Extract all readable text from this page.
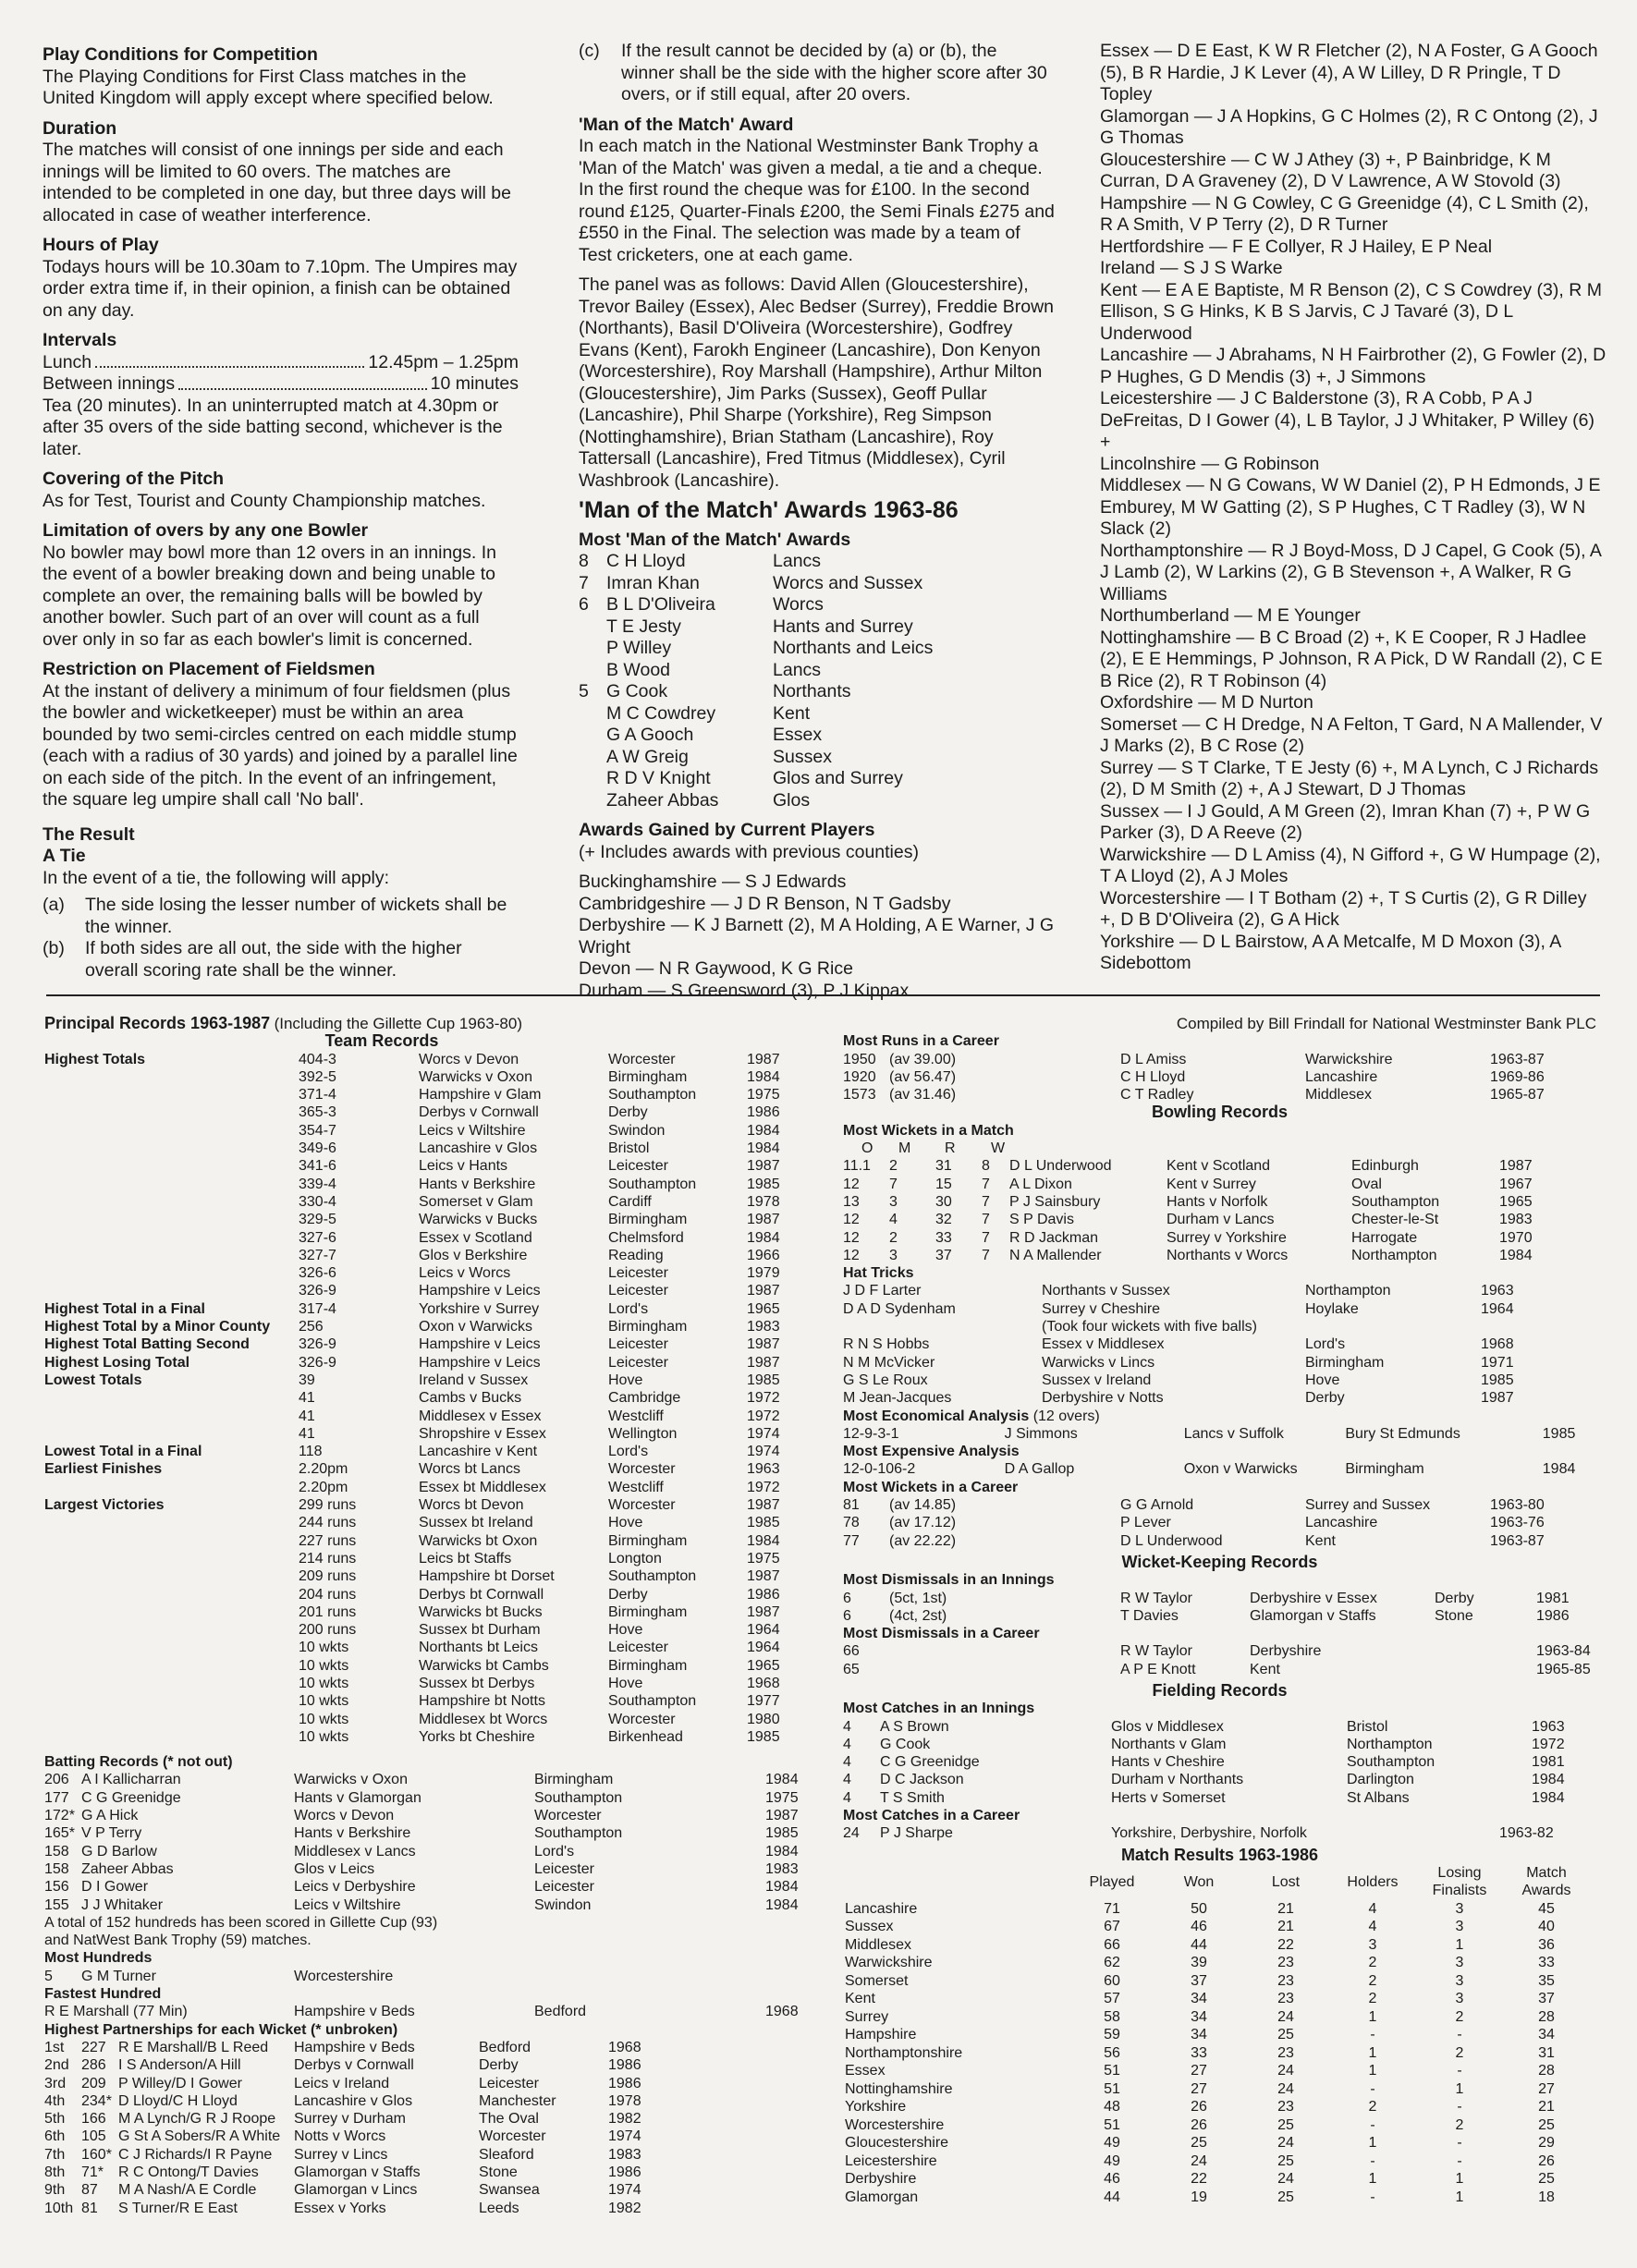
Play Conditions for Competition

The Playing Conditions for First Class matches in the United Kingdom will apply except where specified below.

Duration

The matches will consist of one innings per side and each innings will be limited to 60 overs. The matches are intended to be completed in one day, but three days will be allocated in case of weather interference.

Hours of Play

Todays hours will be 10.30am to 7.10pm. The Umpires may order extra time if, in their opinion, a finish can be obtained on any day.

Intervals
Lunch	12.45pm – 1.25pm
Between innings	10 minutes

Tea (20 minutes). In an uninterrupted match at 4.30pm or after 35 overs of the side batting second, whichever is the later.

Covering of the Pitch

As for Test, Tourist and County Championship matches.

Limitation of overs by any one Bowler

No bowler may bowl more than 12 overs in an innings. In the event of a bowler breaking down and being unable to complete an over, the remaining balls will be bowled by another bowler. Such part of an over will count as a full over only in so far as each bowler's limit is concerned.

Restriction on Placement of Fieldsmen

At the instant of delivery a minimum of four fieldsmen (plus the bowler and wicketkeeper) must be within an area bounded by two semi-circles centred on each middle stump (each with a radius of 30 yards) and joined by a parallel line on each side of the pitch. In the event of an infringement, the square leg umpire shall call 'No ball'.

The Result
A Tie

In the event of a tie, the following will apply:

(a)	The side losing the lesser number of wickets shall be the winner.
(b)	If both sides are all out, the side with the higher overall scoring rate shall be the winner.
(c)	If the result cannot be decided by (a) or (b), the winner shall be the side with the higher score after 30 overs, or if still equal, after 20 overs.
'Man of the Match' Award

In each match in the National Westminster Bank Trophy a 'Man of the Match' was given a medal, a tie and a cheque. In the first round the cheque was for £100. In the second round £125, Quarter-Finals £200, the Semi Finals £275 and £550 in the Final. The selection was made by a team of Test cricketers, one at each game.

The panel was as follows: David Allen (Gloucestershire), Trevor Bailey (Essex), Alec Bedser (Surrey), Freddie Brown (Northants), Basil D'Oliveira (Worcestershire), Godfrey Evans (Kent), Farokh Engineer (Lancashire), Don Kenyon (Worcestershire), Roy Marshall (Hampshire), Arthur Milton (Gloucestershire), Jim Parks (Sussex), Geoff Pullar (Lancashire), Phil Sharpe (Yorkshire), Reg Simpson (Nottinghamshire), Brian Statham (Lancashire), Roy Tattersall (Lancashire), Fred Titmus (Middlesex), Cyril Washbrook (Lancashire).

'Man of the Match' Awards 1963-86
Most 'Man of the Match' Awards
8 C H Lloyd	Lancs
7 Imran Khan	Worcs and Sussex
6 B L D'Oliveira	Worcs
T E Jesty	Hants and Surrey
P Willey	Northants and Leics
B Wood	Lancs
5 G Cook	Northants
M C Cowdrey	Kent
G A Gooch	Essex
A W Greig	Sussex
R D V Knight	Glos and Surrey
Zaheer Abbas	Glos
Awards Gained by Current Players

(+ Includes awards with previous counties)

Buckinghamshire — S J Edwards
Cambridgeshire — J D R Benson, N T Gadsby
Derbyshire — K J Barnett (2), M A Holding, A E Warner, J G Wright
Devon — N R Gaywood, K G Rice
Durham — S Greensword (3), P J Kippax

Essex — D E East, K W R Fletcher (2), N A Foster, G A Gooch (5), B R Hardie, J K Lever (4), A W Lilley, D R Pringle, T D Topley
Glamorgan — J A Hopkins, G C Holmes (2), R C Ontong (2), J G Thomas
Gloucestershire — C W J Athey (3) +, P Bainbridge, K M Curran, D A Graveney (2), D V Lawrence, A W Stovold (3)
Hampshire — N G Cowley, C G Greenidge (4), C L Smith (2), R A Smith, V P Terry (2), D R Turner
Hertfordshire — F E Collyer, R J Hailey, E P Neal
Ireland — S J S Warke
Kent — E A E Baptiste, M R Benson (2), C S Cowdrey (3), R M Ellison, S G Hinks, K B S Jarvis, C J Tavaré (3), D L Underwood
Lancashire — J Abrahams, N H Fairbrother (2), G Fowler (2), D P Hughes, G D Mendis (3) +, J Simmons
Leicestershire — J C Balderstone (3), R A Cobb, P A J DeFreitas, D I Gower (4), L B Taylor, J J Whitaker, P Willey (6) +
Lincolnshire — G Robinson
Middlesex — N G Cowans, W W Daniel (2), P H Edmonds, J E Emburey, M W Gatting (2), S P Hughes, C T Radley (3), W N Slack (2)
Northamptonshire — R J Boyd-Moss, D J Capel, G Cook (5), A J Lamb (2), W Larkins (2), G B Stevenson +, A Walker, R G Williams
Northumberland — M E Younger
Nottinghamshire — B C Broad (2) +, K E Cooper, R J Hadlee (2), E E Hemmings, P Johnson, R A Pick, D W Randall (2), C E B Rice (2), R T Robinson (4)
Oxfordshire — M D Nurton
Somerset — C H Dredge, N A Felton, T Gard, N A Mallender, V J Marks (2), B C Rose (2)
Surrey — S T Clarke, T E Jesty (6) +, M A Lynch, C J Richards (2), D M Smith (2) +, A J Stewart, D J Thomas
Sussex — I J Gould, A M Green (2), Imran Khan (7) +, P W G Parker (3), D A Reeve (2)
Warwickshire — D L Amiss (4), N Gifford +, G W Humpage (2), T A Lloyd (2), A J Moles
Worcestershire — I T Botham (2) +, T S Curtis (2), G R Dilley +, D B D'Oliveira (2), G A Hick
Yorkshire — D L Bairstow, A A Metcalfe, M D Moxon (3), A Sidebottom

Principal Records 1963-1987
(Including the Gillette Cup 1963-80)
Team Records
Highest Totals	404-3	Worcs v Devon	Worcester	1987
392-5	Warwicks v Oxon	Birmingham	1984
371-4	Hampshire v Glam	Southampton	1975
365-3	Derbys v Cornwall	Derby	1986
354-7	Leics v Wiltshire	Swindon	1984
349-6	Lancashire v Glos	Bristol	1984
341-6	Leics v Hants	Leicester	1987
339-4	Hants v Berkshire	Southampton	1985
330-4	Somerset v Glam	Cardiff	1978
329-5	Warwicks v Bucks	Birmingham	1987
327-6	Essex v Scotland	Chelmsford	1984
327-7	Glos v Berkshire	Reading	1966
326-6	Leics v Worcs	Leicester	1979
326-9	Hampshire v Leics	Leicester	1987
Highest Total in a Final	317-4	Yorkshire v Surrey	Lord's	1965
Highest Total by a Minor County	256	Oxon v Warwicks	Birmingham	1983
Highest Total Batting Second	326-9	Hampshire v Leics	Leicester	1987
Highest Losing Total	326-9	Hampshire v Leics	Leicester	1987
Lowest Totals	39	Ireland v Sussex	Hove	1985
41	Cambs v Bucks	Cambridge	1972
41	Middlesex v Essex	Westcliff	1972
41	Shropshire v Essex	Wellington	1974
Lowest Total in a Final	118	Lancashire v Kent	Lord's	1974
Earliest Finishes	2.20pm	Worcs bt Lancs	Worcester	1963
2.20pm	Essex bt Middlesex	Westcliff	1972
Largest Victories	299 runs	Worcs bt Devon	Worcester	1987
244 runs	Sussex bt Ireland	Hove	1985
227 runs	Warwicks bt Oxon	Birmingham	1984
214 runs	Leics bt Staffs	Longton	1975
209 runs	Hampshire bt Dorset	Southampton	1987
204 runs	Derbys bt Cornwall	Derby	1986
201 runs	Warwicks bt Bucks	Birmingham	1987
200 runs	Sussex bt Durham	Hove	1964
10 wkts	Northants bt Leics	Leicester	1964
10 wkts	Warwicks bt Cambs	Birmingham	1965
10 wkts	Sussex bt Derbys	Hove	1968
10 wkts	Hampshire bt Notts	Southampton	1977
10 wkts	Middlesex bt Worcs	Worcester	1980
10 wkts	Yorks bt Cheshire	Birkenhead	1985
Batting Records (* not out)
206 A I Kallicharran	Warwicks v Oxon	Birmingham	1984
177 C G Greenidge	Hants v Glamorgan	Southampton	1975
172* G A Hick	Worcs v Devon	Worcester	1987
165* V P Terry	Hants v Berkshire	Southampton	1985
158 G D Barlow	Middlesex v Lancs	Lord's	1984
158 Zaheer Abbas	Glos v Leics	Leicester	1983
156 D I Gower	Leics v Derbyshire	Leicester	1984
155 J J Whitaker	Leics v Wiltshire	Swindon	1984

A total of 152 hundreds has been scored in Gillette Cup (93) and NatWest Bank Trophy (59) matches.

Most Hundreds
5	G M Turner	Worcestershire
Fastest Hundred
R E Marshall (77 Min)	Hampshire v Beds	Bedford	1968
Highest Partnerships for each Wicket (* unbroken)
1st	227 R E Marshall/B L Reed	Hampshire v Beds	Bedford	1968
2nd 286 I S Anderson/A Hill	Derbys v Cornwall	Derby	1986
3rd	209 P Willey/D I Gower	Leics v Ireland	Leicester	1986
4th	234* D Lloyd/C H Lloyd	Lancashire v Glos	Manchester	1978
5th	166 M A Lynch/G R J Roope	Surrey v Durham	The Oval	1982
6th	105 G St A Sobers/R A White Notts v Worcs	Worcester	1974
7th	160* C J Richards/I R Payne	Surrey v Lincs	Sleaford	1983
8th	71* R C Ontong/T Davies	Glamorgan v Staffs	Stone	1986
9th	87	M A Nash/A E Cordle	Glamorgan v Lincs	Swansea	1974
10th 81	S Turner/R E East	Essex v Yorks	Leeds	1982
Compiled by Bill Frindall for National Westminster Bank PLC
Most Runs in a Career
1950 (av 39.00)	D L Amiss	Warwickshire	1963-87
1920 (av 56.47)	C H Lloyd	Lancashire	1969-86
1573 (av 31.46)	C T Radley	Middlesex	1965-87
Bowling Records
Most Wickets in a Match
O	M	R	W
11.1	2	31	8	D L Underwood	Kent v Scotland	Edinburgh	1987
12	7	15	7	A L Dixon	Kent v Surrey	Oval	1967
13	3	30	7	P J Sainsbury	Hants v Norfolk	Southampton	1965
12	4	32	7	S P Davis	Durham v Lancs	Chester-le-St	1983
12	2	33	7	R D Jackman	Surrey v Yorkshire	Harrogate	1970
12	3	37	7	N A Mallender	Northants v Worcs	Northampton	1984
Hat Tricks
J D F Larter	Northants v Sussex	Northampton	1963
D A D Sydenham	Surrey v Cheshire	Hoylake	1964
(Took four wickets with five balls)
R N S Hobbs	Essex v Middlesex	Lord's	1968
N M McVicker	Warwicks v Lincs	Birmingham	1971
G S Le Roux	Sussex v Ireland	Hove	1985
M Jean-Jacques	Derbyshire v Notts	Derby	1987
Most Economical Analysis
(12 overs)
12-9-3-1	J Simmons	Lancs v Suffolk	Bury St Edmunds	1985
Most Expensive Analysis
12-0-106-2	D A Gallop	Oxon v Warwicks	Birmingham	1984
Most Wickets in a Career
81	(av 14.85)	G G Arnold	Surrey and Sussex	1963-80
78	(av 17.12)	P Lever	Lancashire	1963-76
77	(av 22.22)	D L Underwood	Kent	1963-87
Wicket-Keeping Records
Most Dismissals in an Innings
6	(5ct, 1st)	R W Taylor	Derbyshire v Essex	Derby	1981
6	(4ct, 2st)	T Davies	Glamorgan v Staffs	Stone	1986
Most Dismissals in a Career
66	R W Taylor	Derbyshire	1963-84
65	A P E Knott	Kent	1965-85
Fielding Records
Most Catches in an Innings
4	A S Brown	Glos v Middlesex	Bristol	1963
4	G Cook	Northants v Glam	Northampton	1972
4	C G Greenidge	Hants v Cheshire	Southampton	1981
4	D C Jackson	Durham v Northants	Darlington	1984
4	T S Smith	Herts v Somerset	St Albans	1984
Most Catches in a Career
24	P J Sharpe	Yorkshire, Derbyshire, Norfolk	1963-82
Match Results 1963-1986
	Played	Won	Lost	Holders	Losing Finalists	Match Awards
Lancashire	71	50	21	4	3	45
Sussex	67	46	21	4	3	40
Middlesex	66	44	22	3	1	36
Warwickshire	62	39	23	2	3	33
Somerset	60	37	23	2	3	35
Kent	57	34	23	2	3	37
Surrey	58	34	24	1	2	28
Hampshire	59	34	25	-	-	34
Northamptonshire	56	33	23	1	2	31
Essex	51	27	24	1	-	28
Nottinghamshire	51	27	24	-	1	27
Yorkshire	48	26	23	2	-	21
Worcestershire	51	26	25	-	2	25
Gloucestershire	49	25	24	1	-	29
Leicestershire	49	24	25	-	-	26
Derbyshire	46	22	24	1	1	25
Glamorgan	44	19	25	-	1	18
